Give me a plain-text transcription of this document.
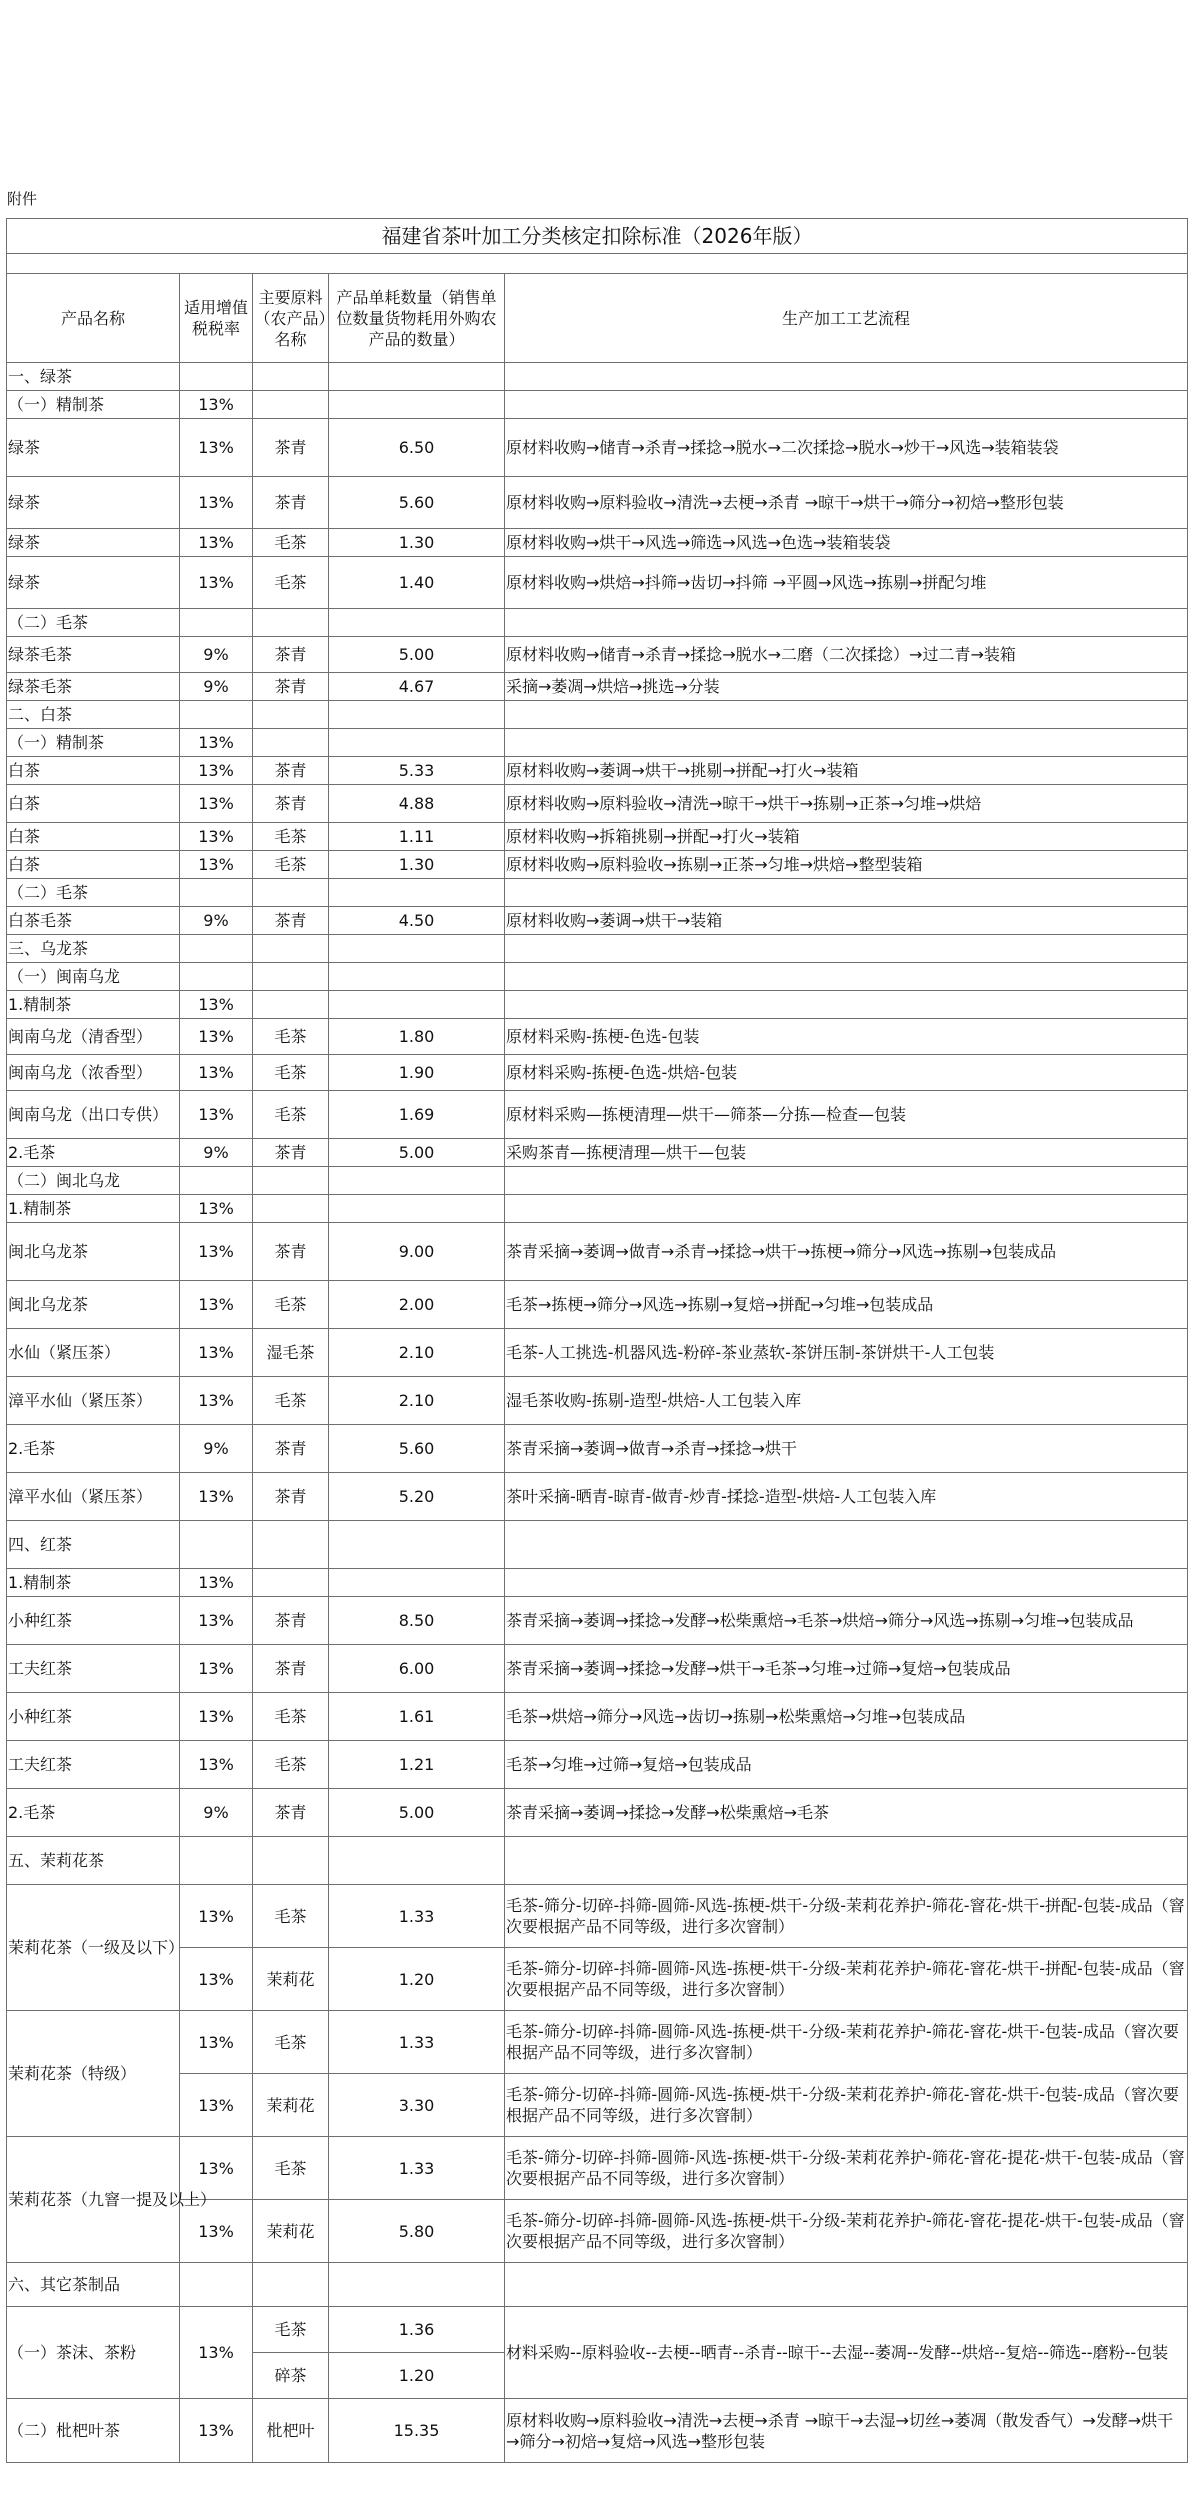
附件
福建省茶叶加工分类核定扣除标准（2026年版）				

产品名称	适用增值税税率	主要原料（农产品）名称	产品单耗数量（销售单位数量货物耗用外购农产品的数量）	生产加工工艺流程
一、绿茶				
（一）精制茶	13%			
绿茶	13%	茶青	6.50	原材料收购→储青→杀青→揉捻→脱水→二次揉捻→脱水→炒干→风选→装箱装袋
绿茶	13%	茶青	5.60	原材料收购→原料验收→清洗→去梗→杀青 →晾干→烘干→筛分→初焙→整形包装
绿茶	13%	毛茶	1.30	原材料收购→烘干→风选→筛选→风选→色选→装箱装袋
绿茶	13%	毛茶	1.40	原材料收购→烘焙→抖筛→齿切→抖筛 →平圆→风选→拣剔→拼配匀堆
（二）毛茶				
绿茶毛茶	9%	茶青	5.00	原材料收购→储青→杀青→揉捻→脱水→二磨（二次揉捻）→过二青→装箱
绿茶毛茶	9%	茶青	4.67	采摘→萎凋→烘焙→挑选→分装
二、白茶				
（一）精制茶	13%			
白茶	13%	茶青	5.33	原材料收购→萎调→烘干→挑剔→拼配→打火→装箱
白茶	13%	茶青	4.88	原材料收购→原料验收→清洗→晾干→烘干→拣剔→正茶→匀堆→烘焙
白茶	13%	毛茶	1.11	原材料收购→拆箱挑剔→拼配→打火→装箱
白茶	13%	毛茶	1.30	原材料收购→原料验收→拣剔→正茶→匀堆→烘焙→整型装箱
（二）毛茶				
白茶毛茶	9%	茶青	4.50	原材料收购→萎调→烘干→装箱
三、乌龙茶				
（一）闽南乌龙				
1.精制茶	13%			
闽南乌龙（清香型）	13%	毛茶	1.80	原材料采购-拣梗-色选-包装
闽南乌龙（浓香型）	13%	毛茶	1.90	原材料采购-拣梗-色选-烘焙-包装
闽南乌龙（出口专供）	13%	毛茶	1.69	原材料采购—拣梗清理—烘干—筛茶—分拣—检查—包装
2.毛茶	9%	茶青	5.00	采购茶青—拣梗清理—烘干—包装
（二）闽北乌龙				
1.精制茶	13%			
闽北乌龙茶	13%	茶青	9.00	茶青采摘→萎调→做青→杀青→揉捻→烘干→拣梗→筛分→风选→拣剔→包装成品
闽北乌龙茶	13%	毛茶	2.00	毛茶→拣梗→筛分→风选→拣剔→复焙→拼配→匀堆→包装成品
水仙（紧压茶）	13%	湿毛茶	2.10	毛茶-人工挑选-机器风选-粉碎-茶业蒸软-茶饼压制-茶饼烘干-人工包装
漳平水仙（紧压茶）	13%	毛茶	2.10	湿毛茶收购-拣剔-造型-烘焙-人工包装入库
2.毛茶	9%	茶青	5.60	茶青采摘→萎调→做青→杀青→揉捻→烘干
漳平水仙（紧压茶）	13%	茶青	5.20	茶叶采摘-晒青-晾青-做青-炒青-揉捻-造型-烘焙-人工包装入库
四、红茶				
1.精制茶	13%			
小种红茶	13%	茶青	8.50	茶青采摘→萎调→揉捻→发酵→松柴熏焙→毛茶→烘焙→筛分→风选→拣剔→匀堆→包装成品
工夫红茶	13%	茶青	6.00	茶青采摘→萎调→揉捻→发酵→烘干→毛茶→匀堆→过筛→复焙→包装成品
小种红茶	13%	毛茶	1.61	毛茶→烘焙→筛分→风选→齿切→拣剔→松柴熏焙→匀堆→包装成品
工夫红茶	13%	毛茶	1.21	毛茶→匀堆→过筛→复焙→包装成品
2.毛茶	9%	茶青	5.00	茶青采摘→萎调→揉捻→发酵→松柴熏焙→毛茶
五、茉莉花茶				
茉莉花茶（一级及以下）	13%	毛茶	1.33	毛茶-筛分-切碎-抖筛-圆筛-风选-拣梗-烘干-分级-茉莉花养护-筛花-窨花-烘干-拼配-包装-成品（窨次要根据产品不同等级，进行多次窨制）
	13%	茉莉花	1.20	毛茶-筛分-切碎-抖筛-圆筛-风选-拣梗-烘干-分级-茉莉花养护-筛花-窨花-烘干-拼配-包装-成品（窨次要根据产品不同等级，进行多次窨制）
茉莉花茶（特级）	13%	毛茶	1.33	毛茶-筛分-切碎-抖筛-圆筛-风选-拣梗-烘干-分级-茉莉花养护-筛花-窨花-烘干-包装-成品（窨次要根据产品不同等级，进行多次窨制）
	13%	茉莉花	3.30	毛茶-筛分-切碎-抖筛-圆筛-风选-拣梗-烘干-分级-茉莉花养护-筛花-窨花-烘干-包装-成品（窨次要根据产品不同等级，进行多次窨制）
茉莉花茶（九窨一提及以上）	13%	毛茶	1.33	毛茶-筛分-切碎-抖筛-圆筛-风选-拣梗-烘干-分级-茉莉花养护-筛花-窨花-提花-烘干-包装-成品（窨次要根据产品不同等级，进行多次窨制）
	13%	茉莉花	5.80	毛茶-筛分-切碎-抖筛-圆筛-风选-拣梗-烘干-分级-茉莉花养护-筛花-窨花-提花-烘干-包装-成品（窨次要根据产品不同等级，进行多次窨制）
六、其它茶制品				
（一）茶沫、茶粉	13%	毛茶	1.36	材料采购--原料验收--去梗--晒青--杀青--晾干--去湿--萎凋--发酵--烘焙--复焙--筛选--磨粉--包装
		碎茶	1.20	
（二）枇杷叶茶	13%	枇杷叶	15.35	原材料收购→原料验收→清洗→去梗→杀青 →晾干→去湿→切丝→萎凋（散发香气）→发酵→烘干→筛分→初焙→复焙→风选→整形包装
